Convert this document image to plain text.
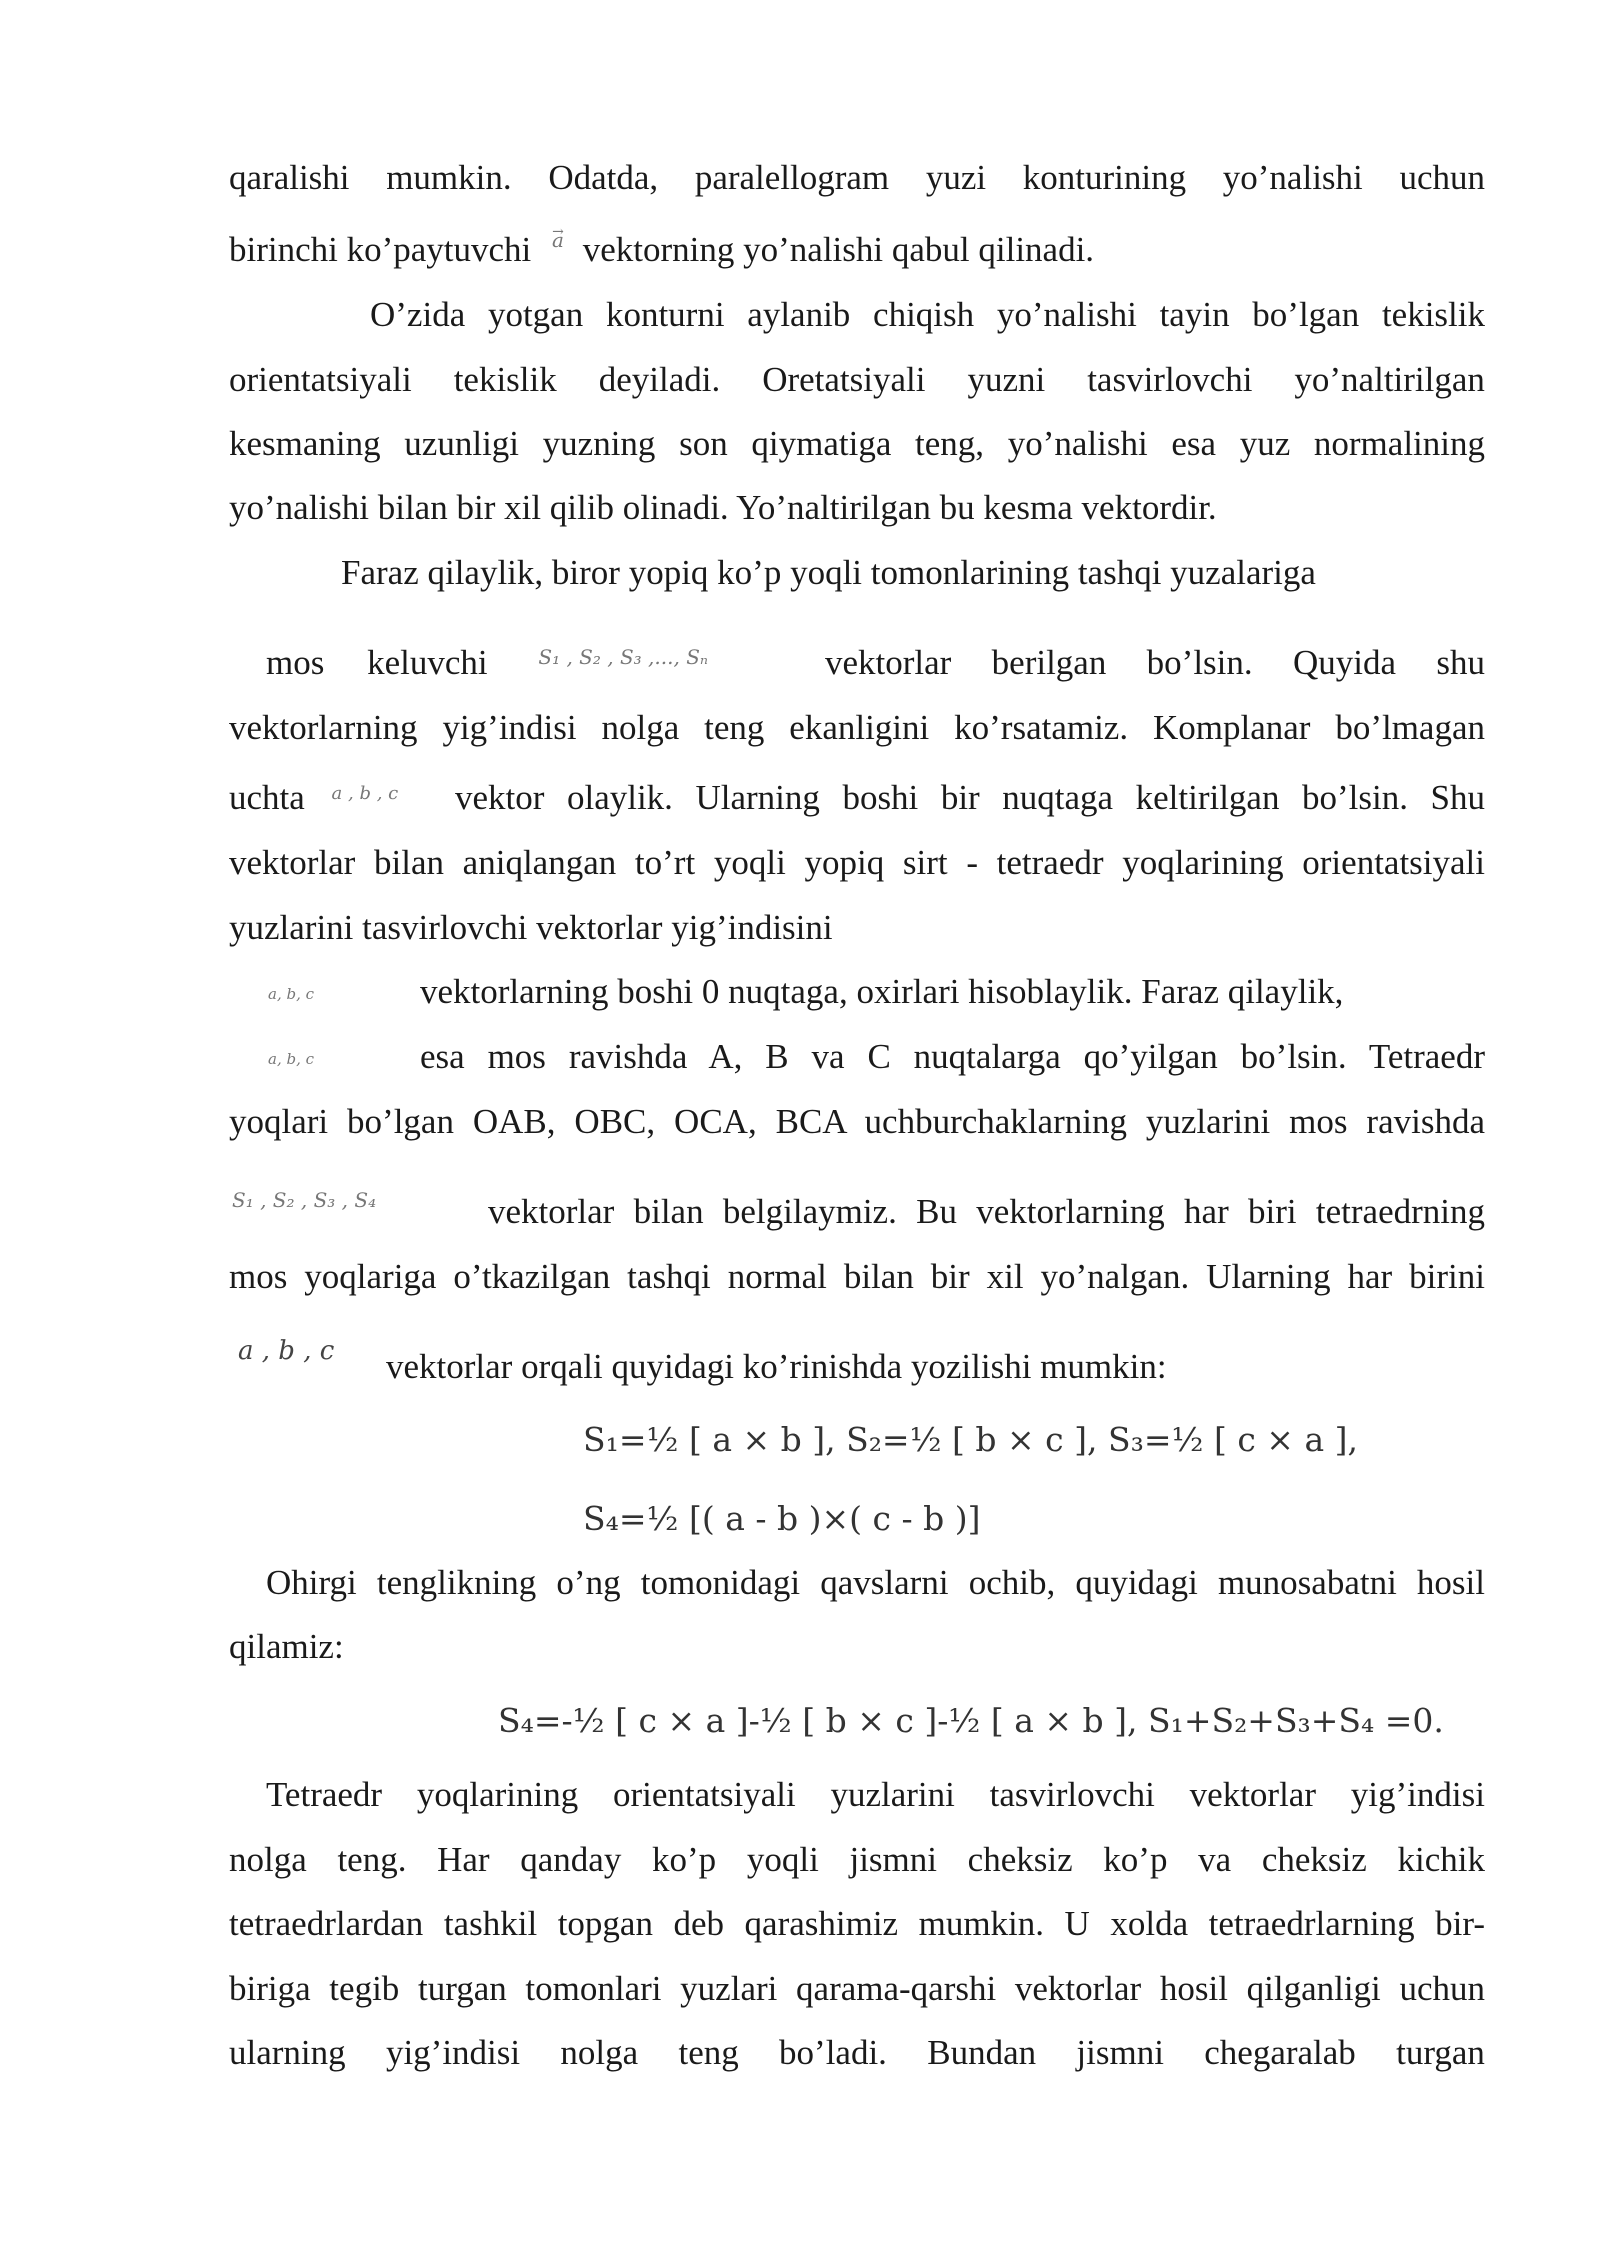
qaralishi mumkin. Odatda, paralellogram yuzi konturining yo’nalishi uchun
birinchi ko’paytuvchi → $^a$ vektorning yo’nalishi qabul qilinadi.
O’zida yotgan konturni aylanib chiqish yo’nalishi tayin bo’lgan tekislik
orientatsiyali tekislik deyiladi. Oretatsiyali yuzni tasvirlovchi yo’naltirilgan
kesmaning uzunligi yuzning son qiymatiga teng, yo’nalishi esa yuz normalining
yo’nalishi bilan bir xil qilib olinadi. Yo’naltirilgan bu kesma vektordir.
Faraz qilaylik, biror yopiq ko’p yoqli tomonlarining tashqi yuzalariga
mos keluvchi	$^{S_1 , S_2 , S_3 ,..., S_n}$	vektorlar berilgan bo’lsin. Quyida shu
vektorlarning yig’indisi nolga teng ekanligini ko’rsatamiz. Komplanar bo’lmagan
uchta $^{a , b , c}$ vektor olaylik. Ularning boshi bir nuqtaga keltirilgan bo’lsin. Shu
vektorlar bilan aniqlangan to’rt yoqli yopiq sirt - tetraedr yoqlarining orientatsiyali
yuzlarini tasvirlovchi vektorlar yig’indisini
a, b, c	vektorlarning boshi 0 nuqtaga, oxirlari hisoblaylik. Faraz qilaylik,
a, b, c	esa mos ravishda A, B va C nuqtalarga qo’yilgan bo’lsin. Tetraedr
yoqlari bo’lgan OAB, OBC, OCA, BCA uchburchaklarning yuzlarini mos ravishda
$^{S_1 , S_2 , S_3 , S_4}$	vektorlar bilan belgilaymiz. Bu vektorlarning har biri tetraedrning
mos yoqlariga o’tkazilgan tashqi normal bilan bir xil yo’nalgan. Ularning har birini
$^{a , b , c}$ vektorlar orqali quyidagi ko’rinishda yozilishi mumkin:
S₁=½ [ a × b ], S₂=½ [ b × c ], S₃=½ [ c × a ],
S₄=½ [( a - b )×( c - b )]
Ohirgi tenglikning o’ng tomonidagi qavslarni ochib, quyidagi munosabatni hosil
qilamiz:
S₄=-½ [ c × a ]-½ [ b × c ]-½ [ a × b ], S₁+S₂+S₃+S₄ =0.
Tetraedr yoqlarining orientatsiyali yuzlarini tasvirlovchi vektorlar yig’indisi
nolga teng. Har qanday ko’p yoqli jismni cheksiz ko’p va cheksiz kichik
tetraedrlardan tashkil topgan deb qarashimiz mumkin. U xolda tetraedrlarning bir-
biriga tegib turgan tomonlari yuzlari qarama-qarshi vektorlar hosil qilganligi uchun
ularning yig’indisi nolga teng bo’ladi. Bundan jismni chegaralab turgan
